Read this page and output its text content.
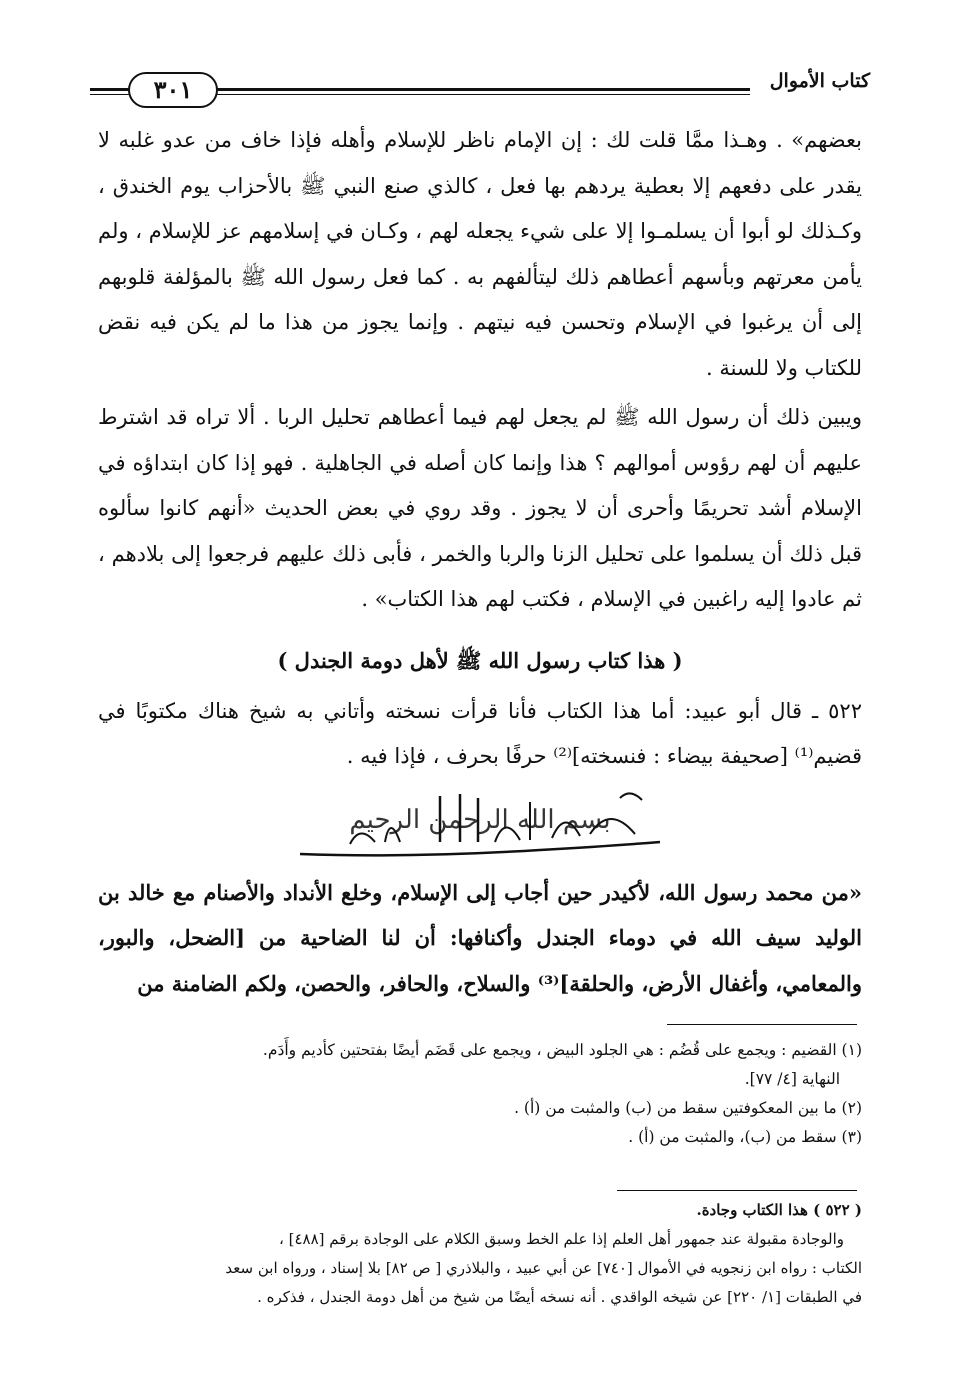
كتاب الأموال
٣٠١

بعضهم» . وهـذا ممَّا قلت لك : إن الإمام ناظر للإسلام وأهله فإذا خاف من عدو غلبه لا يقدر على دفعهم إلا بعطية يردهم بها فعل ، كالذي صنع النبي ﷺ بالأحزاب يوم الخندق ، وكـذلك لو أبوا أن يسلمـوا إلا على شيء يجعله لهم ، وكـان في إسلامهم عز للإسلام ، ولم يأمن معرتهم وبأسهم أعطاهم ذلك ليتألفهم به . كما فعل رسول الله ﷺ بالمؤلفة قلوبهم إلى أن يرغبوا في الإسلام وتحسن فيه نيتهم . وإنما يجوز من هذا ما لم يكن فيه نقض للكتاب ولا للسنة .

ويبين ذلك أن رسول الله ﷺ لم يجعل لهم فيما أعطاهم تحليل الربا . ألا تراه قد اشترط عليهم أن لهم رؤوس أموالهم ؟ هذا وإنما كان أصله في الجاهلية . فهو إذا كان ابتداؤه في الإسلام أشد تحريمًا وأحرى أن لا يجوز . وقد روي في بعض الحديث «أنهم كانوا سألوه قبل ذلك أن يسلموا على تحليل الزنا والربا والخمر ، فأبى ذلك عليهم فرجعوا إلى بلادهم ، ثم عادوا إليه راغبين في الإسلام ، فكتب لهم هذا الكتاب» .

( هذا كتاب رسول الله ﷺ لأهل دومة الجندل )

٥٢٢ ـ قال أبو عبيد: أما هذا الكتاب فأنا قرأت نسخته وأتاني به شيخ هناك مكتوبًا في قضيم⁽¹⁾ [صحيفة بيضاء : فنسخته]⁽²⁾ حرفًا بحرف ، فإذا فيه .

بسم الله الرحمن الرحيم

«من محمد رسول الله، لأكيدر حين أجاب إلى الإسلام، وخلع الأنداد والأصنام مع خالد بن الوليد سيف الله في دوماء الجندل وأكنافها: أن لنا الضاحية من [الضحل، والبور، والمعامي، وأغفال الأرض، والحلقة]⁽³⁾ والسلاح، والحافر، والحصن، ولكم الضامنة من

(١) القضيم : ويجمع على قُضُم : هي الجلود البيض ، ويجمع على قَضَم أيضًا بفتحتين كأديم وأَدَم.

النهاية [٤/ ٧٧].

(٢) ما بين المعكوفتين سقط من (ب) والمثبت من (أ) .

(٣) سقط من (ب)، والمثبت من (أ) .

( ٥٢٢ ) هذا الكتاب وجادة.

والوجادة مقبولة عند جمهور أهل العلم إذا علم الخط وسبق الكلام على الوجادة برقم [٤٨٨] ،

الكتاب : رواه ابن زنجويه في الأموال [٧٤٠] عن أبي عبيد ، والبلاذري [ ص ٨٢] بلا إسناد ، ورواه ابن سعد

في الطبقات [١/ ٢٢٠] عن شيخه الواقدي . أنه نسخه أيضًا من شيخ من أهل دومة الجندل ، فذكره .
